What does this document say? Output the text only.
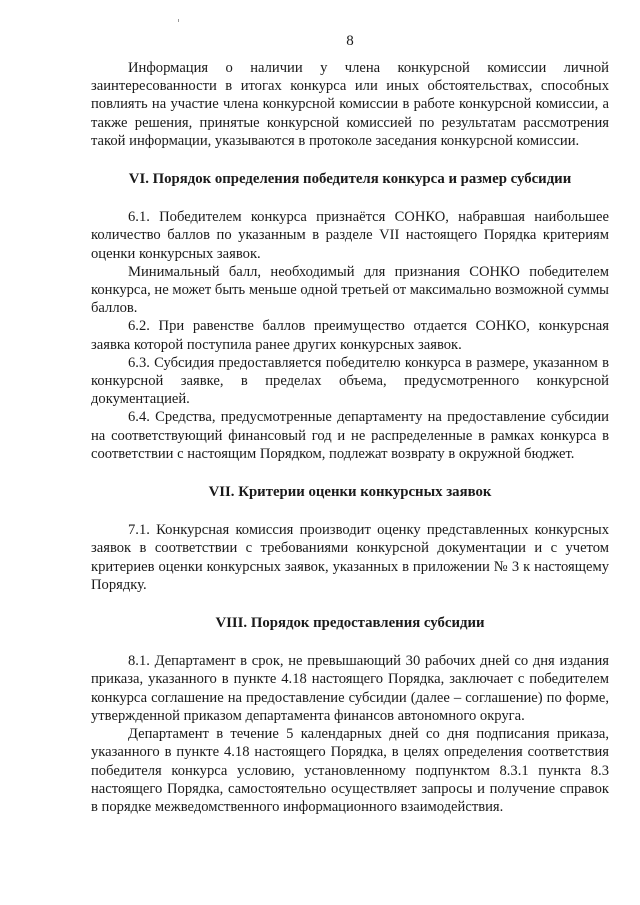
8

Информация о наличии у члена конкурсной комиссии личной заинтересованности в итогах конкурса или иных обстоятельствах, способных повлиять на участие члена конкурсной комиссии в работе конкурсной комиссии, а также решения, принятые конкурсной комиссией по результатам рассмотрения такой информации, указываются в протоколе заседания конкурсной комиссии.

VI. Порядок определения победителя конкурса и размер субсидии

6.1. Победителем конкурса признаётся СОНКО, набравшая наибольшее количество баллов по указанным в разделе VII настоящего Порядка критериям оценки конкурсных заявок.

Минимальный балл, необходимый для признания СОНКО победителем конкурса, не может быть меньше одной третьей от максимально возможной суммы баллов.

6.2. При равенстве баллов преимущество отдается СОНКО, конкурсная заявка которой поступила ранее других конкурсных заявок.

6.3. Субсидия предоставляется победителю конкурса в размере, указанном в конкурсной заявке, в пределах объема, предусмотренного конкурсной документацией.

6.4. Средства, предусмотренные департаменту на предоставление субсидии на соответствующий финансовый год и не распределенные в рамках конкурса в соответствии с настоящим Порядком, подлежат возврату в окружной бюджет.

VII. Критерии оценки конкурсных заявок

7.1. Конкурсная комиссия производит оценку представленных конкурсных заявок в соответствии с требованиями конкурсной документации и с учетом критериев оценки конкурсных заявок, указанных в приложении № 3 к настоящему Порядку.

VIII. Порядок предоставления субсидии

8.1. Департамент в срок, не превышающий 30 рабочих дней со дня издания приказа, указанного в пункте 4.18 настоящего Порядка, заключает с победителем конкурса соглашение на предоставление субсидии (далее – соглашение) по форме, утвержденной приказом департамента финансов автономного округа.

Департамент в течение 5 календарных дней со дня подписания приказа, указанного в пункте 4.18 настоящего Порядка, в целях определения соответствия победителя конкурса условию, установленному подпунктом 8.3.1 пункта 8.3 настоящего Порядка, самостоятельно осуществляет запросы и получение справок в порядке межведомственного информационного взаимодействия.
